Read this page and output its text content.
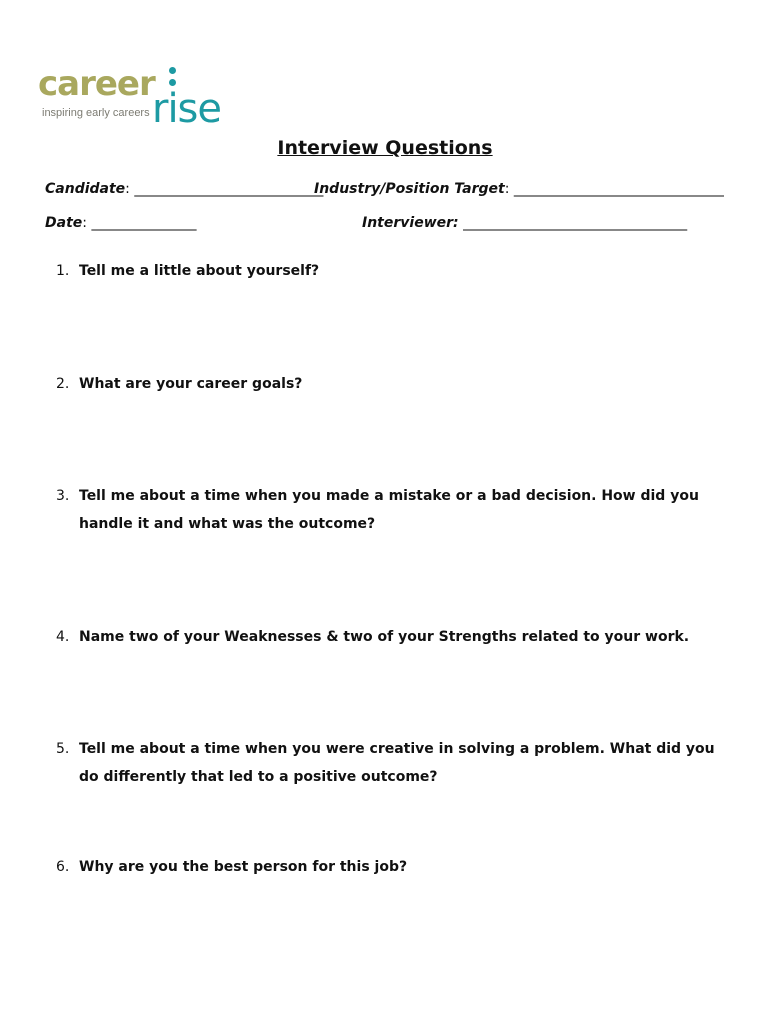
career
inspiring early careers rise
Interview Questions
Candidate: ___________________________
Industry/Position Target: ______________________________
Date: _______________	Interviewer: ________________________________
1. Tell me a little about yourself?
2. What are your career goals?
3. Tell me about a time when you made a mistake or a bad decision. How did you handle it and what was the outcome?
4. Name two of your Weaknesses & two of your Strengths related to your work.
5. Tell me about a time when you were creative in solving a problem. What did you do differently that led to a positive outcome?
6. Why are you the best person for this job?
